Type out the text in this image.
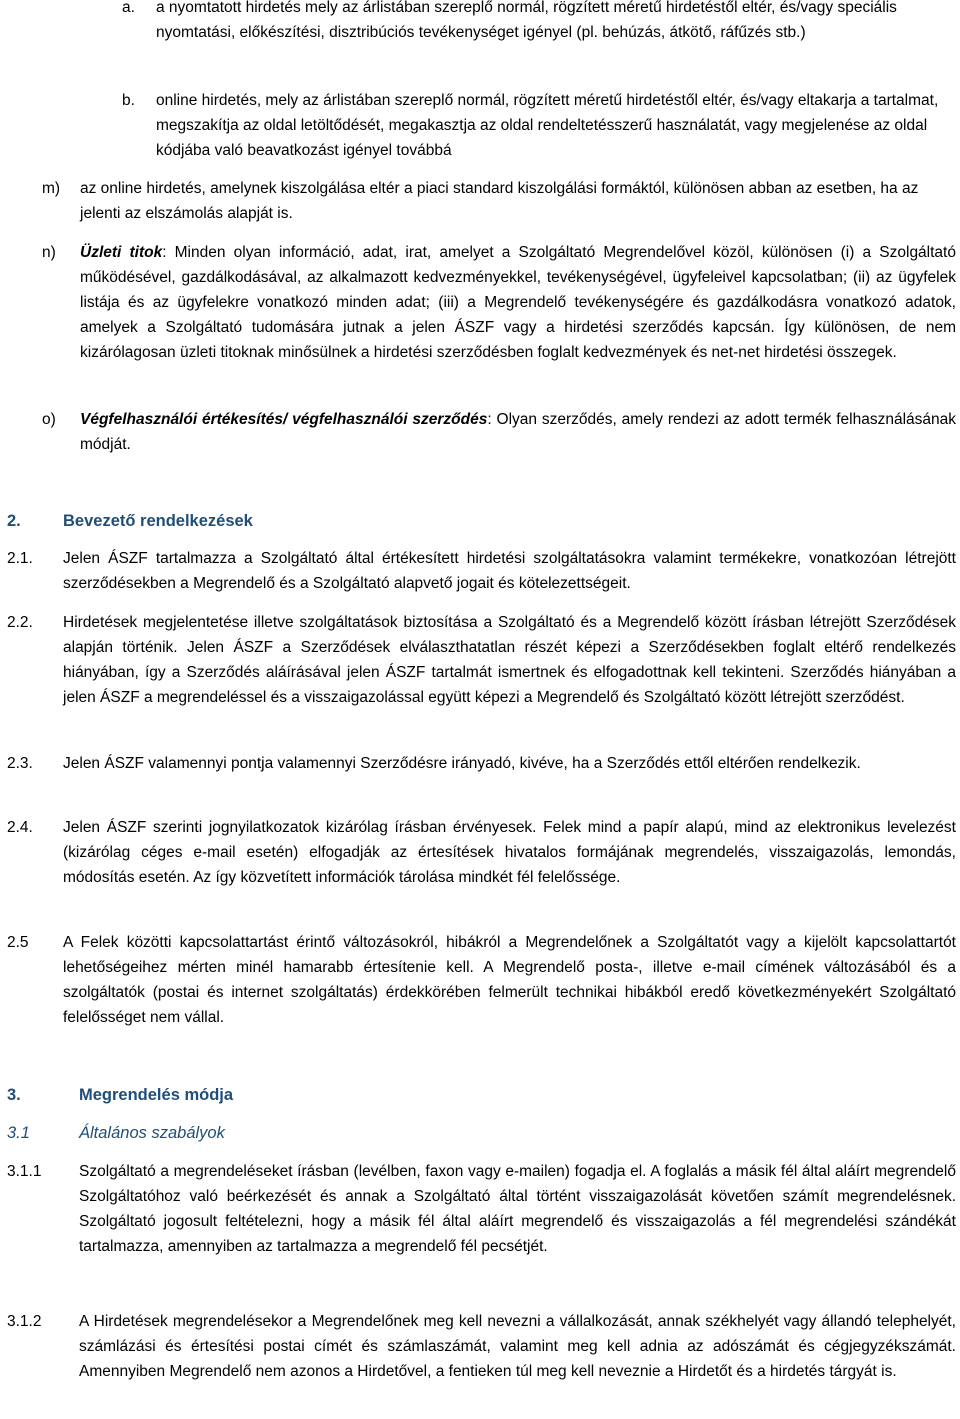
a.	a nyomtatott hirdetés mely az árlistában szereplő normál, rögzített méretű hirdetéstől eltér, és/vagy speciális nyomtatási, előkészítési, disztribúciós tevékenységet igényel (pl. behúzás, átkötő, ráfűzés stb.)
b.	online hirdetés, mely az árlistában szereplő normál, rögzített méretű hirdetéstől eltér, és/vagy eltakarja a tartalmat, megszakítja az oldal letöltődését, megakasztja az oldal rendeltetésszerű használatát, vagy megjelenése az oldal kódjába való beavatkozást igényel továbbá
m)	az online hirdetés, amelynek kiszolgálása eltér a piaci standard kiszolgálási formáktól, különösen abban az esetben, ha az jelenti az elszámolás alapját is.
n)	Üzleti titok: Minden olyan információ, adat, irat, amelyet a Szolgáltató Megrendelővel közöl, különösen (i) a Szolgáltató működésével, gazdálkodásával, az alkalmazott kedvezményekkel, tevékenységével, ügyfeleivel kapcsolatban; (ii) az ügyfelek listája és az ügyfelekre vonatkozó minden adat; (iii) a Megrendelő tevékenységére és gazdálkodásra vonatkozó adatok, amelyek a Szolgáltató tudomására jutnak a jelen ÁSZF vagy a hirdetési szerződés kapcsán. Így különösen, de nem kizárólagosan üzleti titoknak minősülnek a hirdetési szerződésben foglalt kedvezmények és net-net hirdetési összegek.
o)	Végfelhasználói értékesítés/ végfelhasználói szerződés: Olyan szerződés, amely rendezi az adott termék felhasználásának módját.
2.	Bevezető rendelkezések
2.1.	Jelen ÁSZF tartalmazza a Szolgáltató által értékesített hirdetési szolgáltatásokra valamint termékekre, vonatkozóan létrejött szerződésekben a Megrendelő és a Szolgáltató alapvető jogait és kötelezettségeit.
2.2.	Hirdetések megjelentetése illetve szolgáltatások biztosítása a Szolgáltató és a Megrendelő között írásban létrejött Szerződések alapján történik. Jelen ÁSZF a Szerződések elválaszthatatlan részét képezi a Szerződésekben foglalt eltérő rendelkezés hiányában, így a Szerződés aláírásával jelen ÁSZF tartalmát ismertnek és elfogadottnak kell tekinteni. Szerződés hiányában a jelen ÁSZF a megrendeléssel és a visszaigazolással együtt képezi a Megrendelő és Szolgáltató között létrejött szerződést.
2.3.	Jelen ÁSZF valamennyi pontja valamennyi Szerződésre irányadó, kivéve, ha a Szerződés ettől eltérően rendelkezik.
2.4.	Jelen ÁSZF szerinti jognyilatkozatok kizárólag írásban érvényesek. Felek mind a papír alapú, mind az elektronikus levelezést (kizárólag céges e-mail esetén) elfogadják az értesítések hivatalos formájának megrendelés, visszaigazolás, lemondás, módosítás esetén. Az így közvetített információk tárolása mindkét fél felelőssége.
2.5	A Felek közötti kapcsolattartást érintő változásokról, hibákról a Megrendelőnek a Szolgáltatót vagy a kijelölt kapcsolattartót lehetőségeihez mérten minél hamarabb értesítenie kell. A Megrendelő posta-, illetve e-mail címének változásából és a szolgáltatók (postai és internet szolgáltatás) érdekkörében felmerült technikai hibákból eredő következményekért Szolgáltató felelősséget nem vállal.
3.	Megrendelés módja
3.1	Általános szabályok
3.1.1	Szolgáltató a megrendeléseket írásban (levélben, faxon vagy e-mailen) fogadja el. A foglalás a másik fél által aláírt megrendelő Szolgáltatóhoz való beérkezését és annak a Szolgáltató által történt visszaigazolását követően számít megrendelésnek. Szolgáltató jogosult feltételezni, hogy a másik fél által aláírt megrendelő és visszaigazolás a fél megrendelési szándékát tartalmazza, amennyiben az tartalmazza a megrendelő fél pecsétjét.
3.1.2	A Hirdetések megrendelésekor a Megrendelőnek meg kell nevezni a vállalkozását, annak székhelyét vagy állandó telephelyét, számlázási és értesítési postai címét és számlaszámát, valamint meg kell adnia az adószámát és cégjegyzékszámát. Amennyiben Megrendelő nem azonos a Hirdetővel, a fentieken túl meg kell neveznie a Hirdetőt és a hirdetés tárgyát is.
